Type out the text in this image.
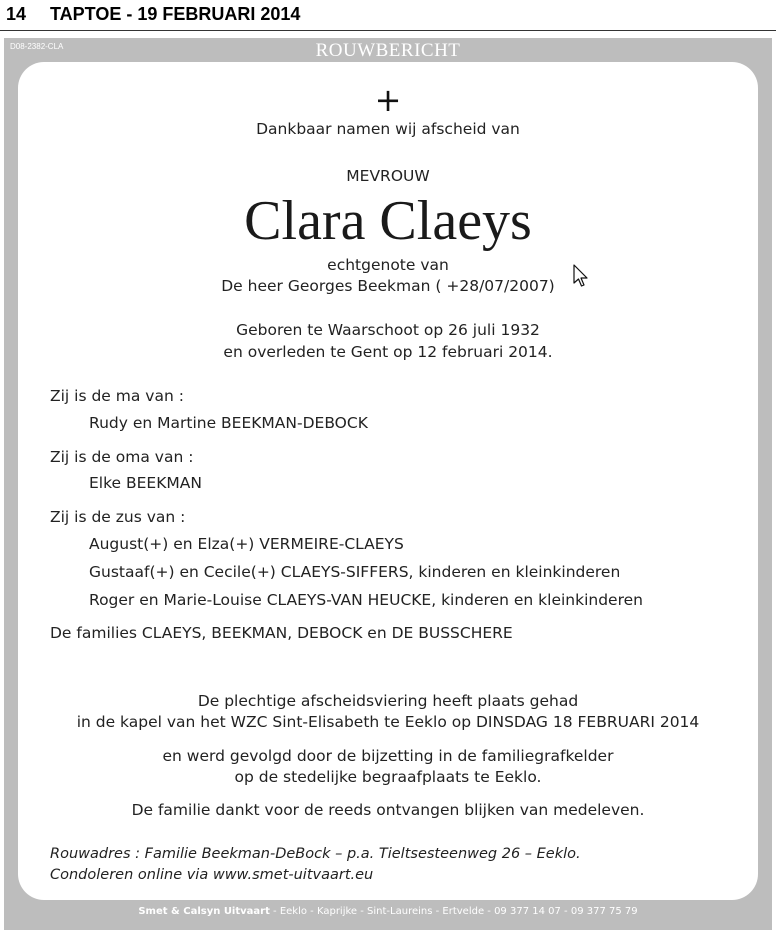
14 TAPTOE - 19 FEBRUARI 2014
D08-2382-CLA	ROUWBERICHT
+
Dankbaar namen wij afscheid van
MEVROUW
Clara Claeys
echtgenote van
De heer Georges Beekman ( +28/07/2007)
Geboren te Waarschoot op 26 juli 1932
en overleden te Gent op 12 februari 2014.
Zij is de ma van :
Rudy en Martine BEEKMAN-DEBOCK
Zij is de oma van :
Elke BEEKMAN
Zij is de zus van :
August(+) en Elza(+) VERMEIRE-CLAEYS
Gustaaf(+) en Cecile(+) CLAEYS-SIFFERS, kinderen en kleinkinderen
Roger en Marie-Louise CLAEYS-VAN HEUCKE, kinderen en kleinkinderen
De families CLAEYS, BEEKMAN, DEBOCK en DE BUSSCHERE
De plechtige afscheidsviering heeft plaats gehad
in de kapel van het WZC Sint-Elisabeth te Eeklo op DINSDAG 18 FEBRUARI 2014
en werd gevolgd door de bijzetting in de familiegrafkelder
op de stedelijke begraafplaats te Eeklo.
De familie dankt voor de reeds ontvangen blijken van medeleven.
Rouwadres : Familie Beekman-DeBock – p.a. Tieltsesteenweg 26 – Eeklo.
Condoleren online via www.smet-uitvaart.eu
Smet & Calsyn Uitvaart - Eeklo - Kaprijke - Sint-Laureins - Ertvelde - 09 377 14 07 - 09 377 75 79
